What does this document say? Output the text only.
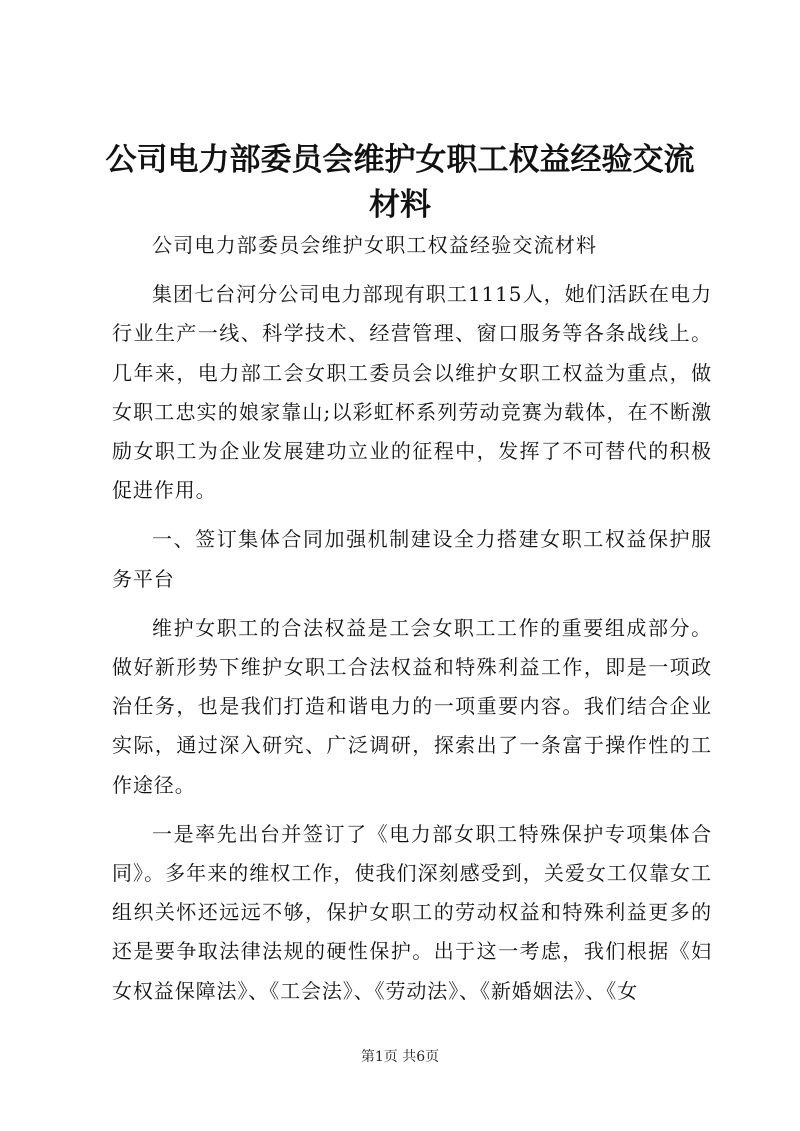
公司电力部委员会维护女职工权益经验交流材料

公司电力部委员会维护女职工权益经验交流材料

集团七台河分公司电力部现有职工1115人，她们活跃在电力行业生产一线、科学技术、经营管理、窗口服务等各条战线上。几年来，电力部工会女职工委员会以维护女职工权益为重点，做女职工忠实的娘家靠山;以彩虹杯系列劳动竞赛为载体，在不断激励女职工为企业发展建功立业的征程中，发挥了不可替代的积极促进作用。

一、签订集体合同加强机制建设全力搭建女职工权益保护服务平台

维护女职工的合法权益是工会女职工工作的重要组成部分。做好新形势下维护女职工合法权益和特殊利益工作，即是一项政治任务，也是我们打造和谐电力的一项重要内容。我们结合企业实际，通过深入研究、广泛调研，探索出了一条富于操作性的工作途径。

一是率先出台并签订了《电力部女职工特殊保护专项集体合同》。多年来的维权工作，使我们深刻感受到，关爱女工仅靠女工组织关怀还远远不够，保护女职工的劳动权益和特殊利益更多的还是要争取法律法规的硬性保护。出于这一考虑，我们根据《妇女权益保障法》、《工会法》、《劳动法》、《新婚姻法》、《女

第1页 共6页
